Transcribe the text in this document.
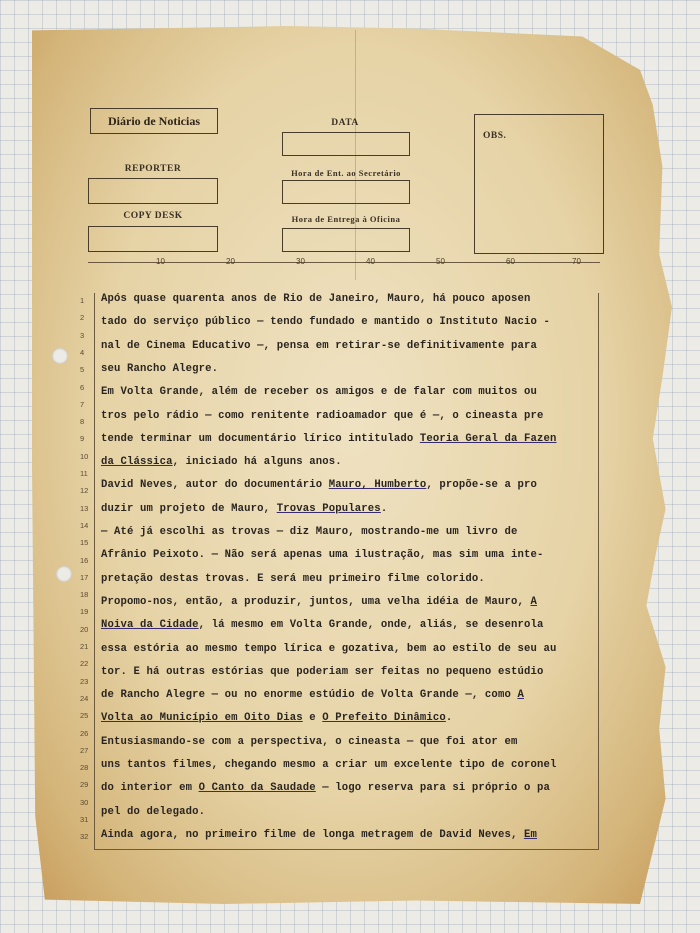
Diário de Noticias	DATA
REPORTER	Hora de Ent. ao Secretário
COPY DESK	Hora de Entrega à Oficina
OBS.
10	20	30	40	50	60	70
1
2
3
4
5
6
7
8
9
10
11
12
13
14
15
16
17
18
19
20
21
22
23
24
25
26
27
28
29
30
31
32
Após quase quarenta anos de Rio de Janeiro, Mauro, há pouco aposen
tado do serviço público — tendo fundado e mantido o Instituto Nacio -
nal de Cinema Educativo —, pensa em retirar-se definitivamente para
seu Rancho Alegre.
Em Volta Grande, além de receber os amigos e de falar com muitos ou
tros pelo rádio — como renitente radioamador que é —, o cineasta pre
tende terminar um documentário lírico intitulado Teoria Geral da Fazen
da Clássica, iniciado há alguns anos.
David Neves, autor do documentário Mauro, Humberto, propõe-se a pro
duzir um projeto de Mauro, Trovas Populares.
— Até já escolhi as trovas — diz Mauro, mostrando-me um livro de
Afrânio Peixoto. — Não será apenas uma ilustração, mas sim uma inte-
pretação destas trovas. E será meu primeiro filme colorido.
Propomo-nos, então, a produzir, juntos, uma velha idéia de Mauro, A
Noiva da Cidade, lá mesmo em Volta Grande, onde, aliás, se desenrola
essa estória ao mesmo tempo lírica e gozativa, bem ao estilo de seu au
tor. E há outras estórias que poderiam ser feitas no pequeno estúdio
de Rancho Alegre — ou no enorme estúdio de Volta Grande —, como A
Volta ao Município em Oito Dias e O Prefeito Dinâmico.
Entusiasmando-se com a perspectiva, o cineasta — que foi ator em
uns tantos filmes, chegando mesmo a criar um excelente tipo de coronel
do interior em O Canto da Saudade — logo reserva para si próprio o pa
pel do delegado.
Ainda agora, no primeiro filme de longa metragem de David Neves, Em
